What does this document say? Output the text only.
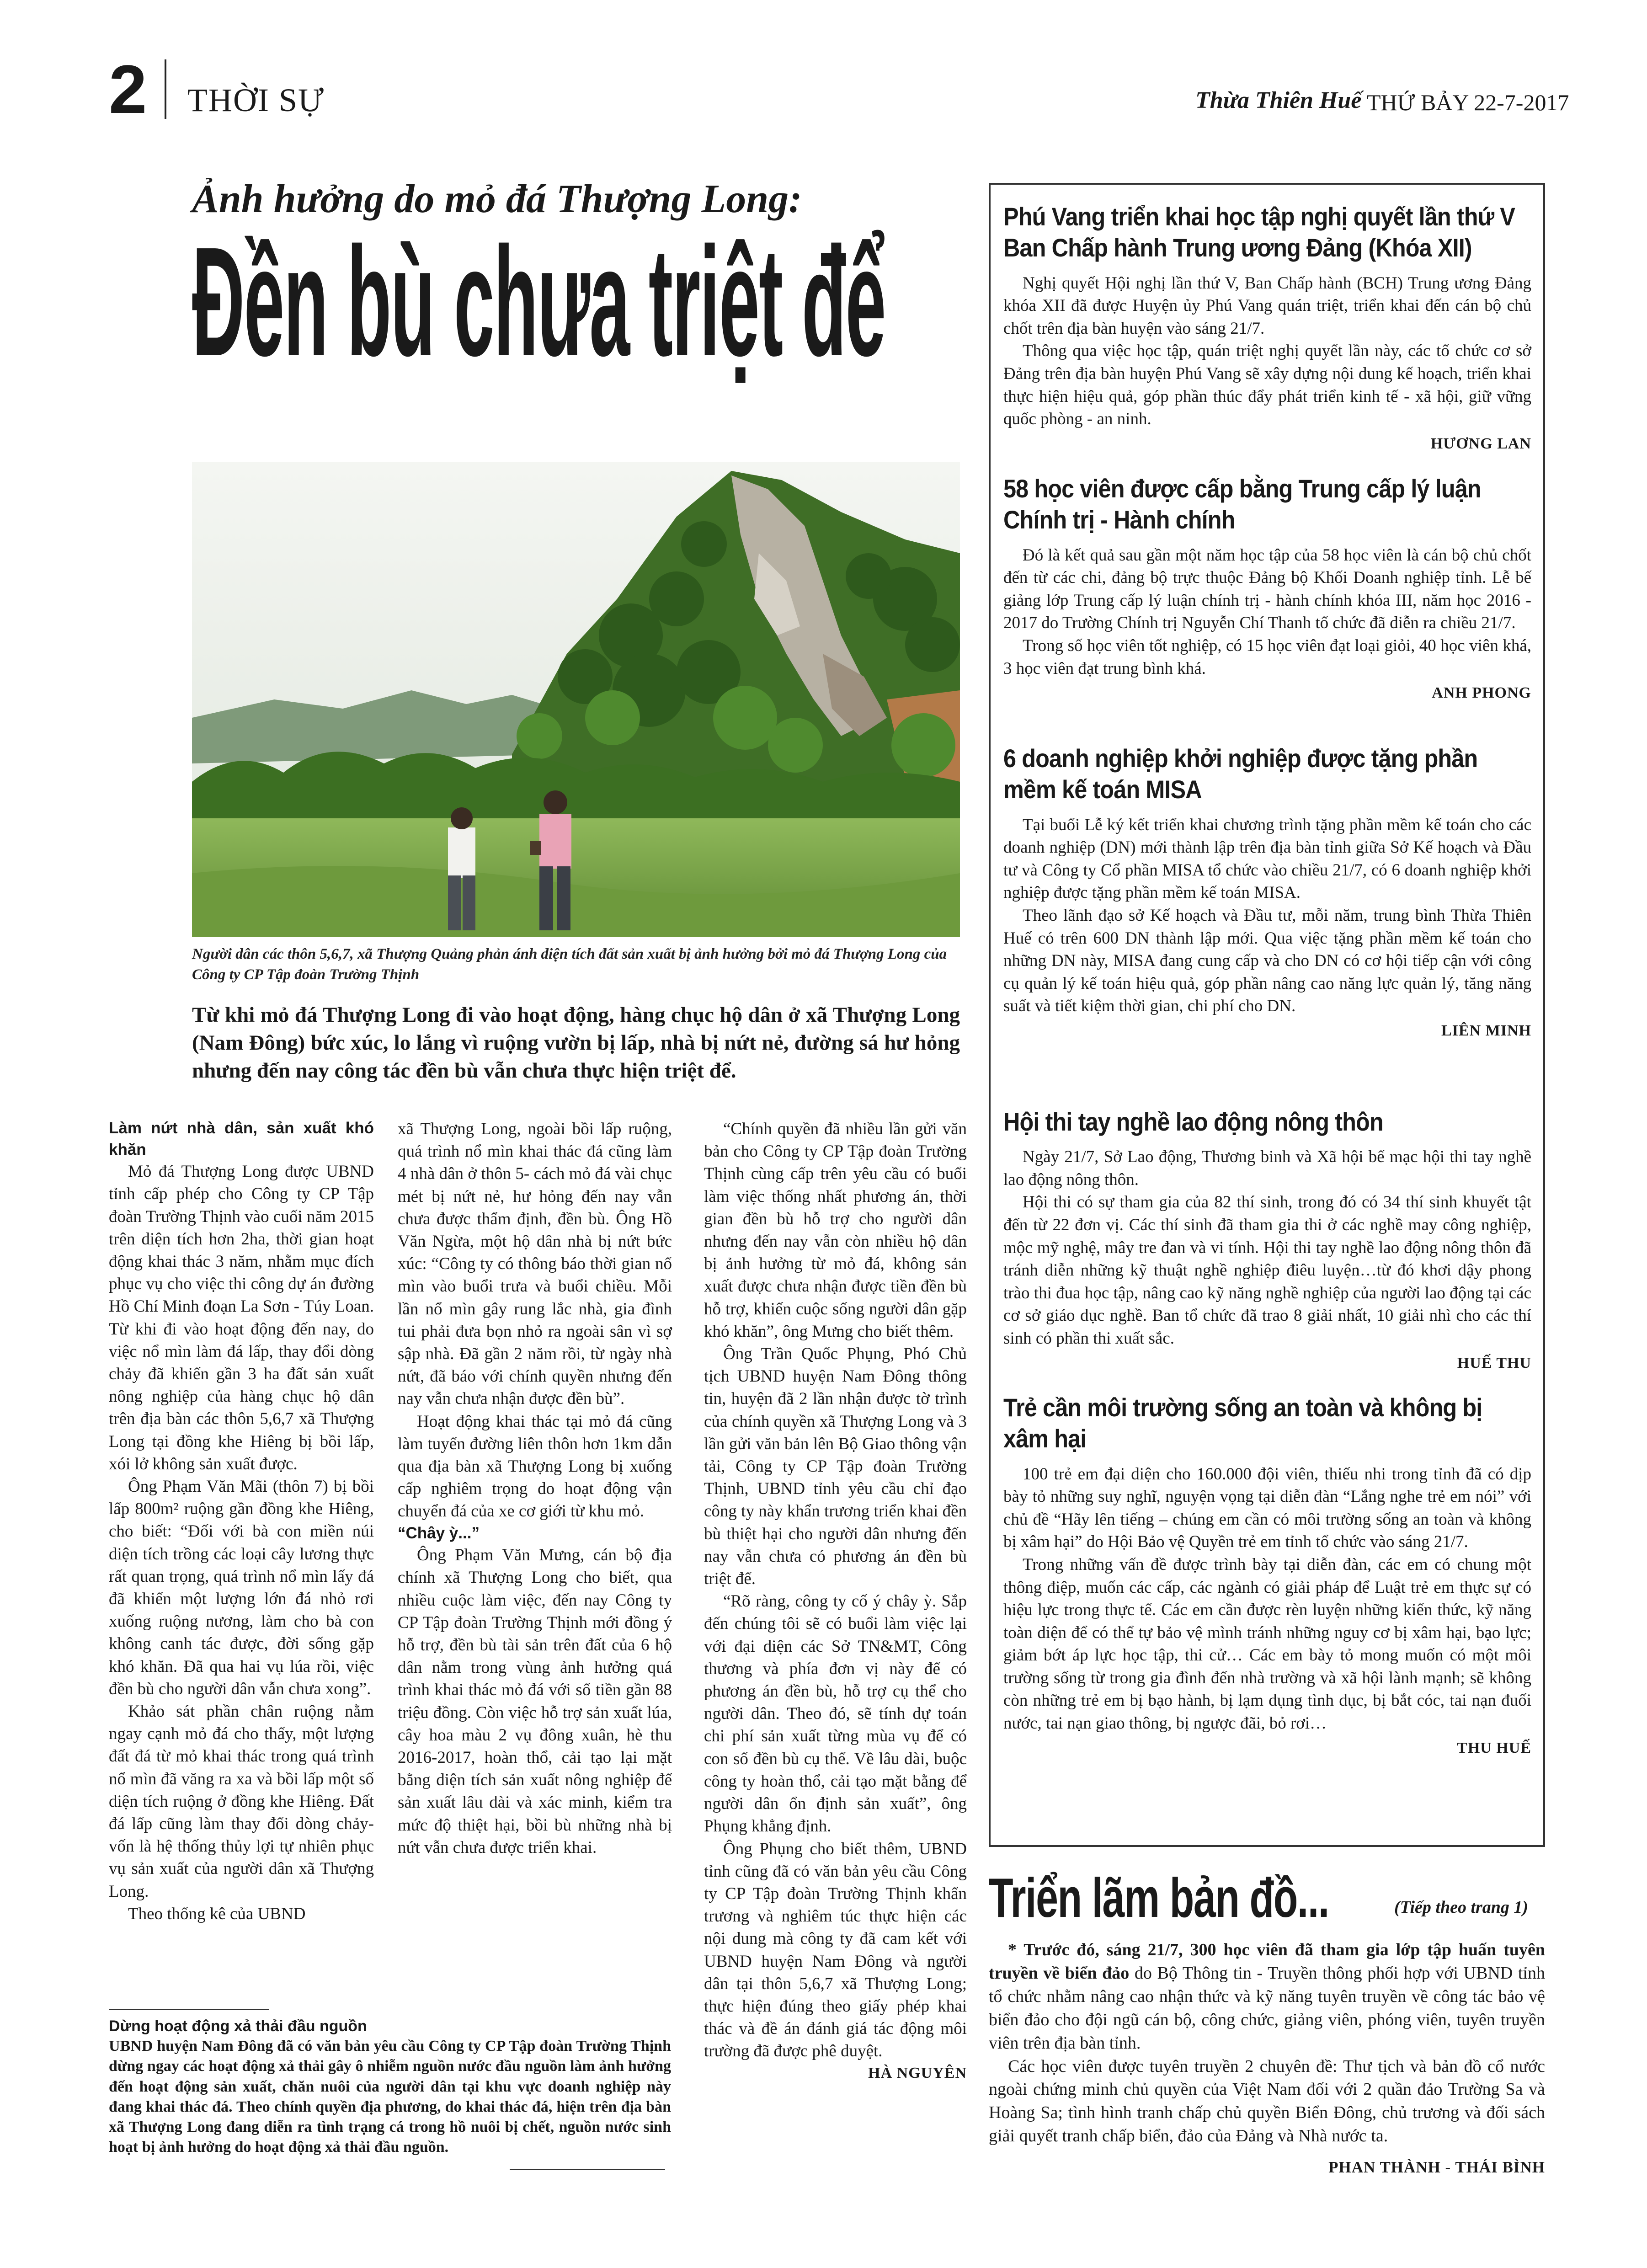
2 THỜI SỰ	Thừa Thiên Huế THỨ BẢY 22-7-2017
Ảnh hưởng do mỏ đá Thượng Long:
Đền bù chưa triệt để
Người dân các thôn 5,6,7, xã Thượng Quảng phản ánh diện tích đất sản xuất bị ảnh hưởng bởi mỏ đá Thượng Long của Công ty CP Tập đoàn Trường Thịnh
Từ khi mỏ đá Thượng Long đi vào hoạt động, hàng chục hộ dân ở xã Thượng Long (Nam Đông) bức xúc, lo lắng vì ruộng vườn bị lấp, nhà bị nứt nẻ, đường sá hư hỏng nhưng đến nay công tác đền bù vẫn chưa thực hiện triệt để.

Làm nứt nhà dân, sản xuất khó khăn

Mỏ đá Thượng Long được UBND tỉnh cấp phép cho Công ty CP Tập đoàn Trường Thịnh vào cuối năm 2015 trên diện tích hơn 2ha, thời gian hoạt động khai thác 3 năm, nhằm mục đích phục vụ cho việc thi công dự án đường Hồ Chí Minh đoạn La Sơn - Túy Loan. Từ khi đi vào hoạt động đến nay, do việc nổ mìn làm đá lấp, thay đổi dòng chảy đã khiến gần 3 ha đất sản xuất nông nghiệp của hàng chục hộ dân trên địa bàn các thôn 5,6,7 xã Thượng Long tại đồng khe Hiêng bị bồi lấp, xói lở không sản xuất được.

Ông Phạm Văn Mãi (thôn 7) bị bồi lấp 800m² ruộng gần đồng khe Hiêng, cho biết: “Đối với bà con miền núi diện tích trồng các loại cây lương thực rất quan trọng, quá trình nổ mìn lấy đá đã khiến một lượng lớn đá nhỏ rơi xuống ruộng nương, làm cho bà con không canh tác được, đời sống gặp khó khăn. Đã qua hai vụ lúa rồi, việc đền bù cho người dân vẫn chưa xong”.

Khảo sát phần chân ruộng nằm ngay cạnh mỏ đá cho thấy, một lượng đất đá từ mỏ khai thác trong quá trình nổ mìn đã văng ra xa và bồi lấp một số diện tích ruộng ở đồng khe Hiêng. Đất đá lấp cũng làm thay đổi dòng chảy- vốn là hệ thống thủy lợi tự nhiên phục vụ sản xuất của người dân xã Thượng Long.

Theo thống kê của UBND

xã Thượng Long, ngoài bồi lấp ruộng, quá trình nổ mìn khai thác đá cũng làm 4 nhà dân ở thôn 5- cách mỏ đá vài chục mét bị nứt nẻ, hư hỏng đến nay vẫn chưa được thẩm định, đền bù. Ông Hồ Văn Ngừa, một hộ dân nhà bị nứt bức xúc: “Công ty có thông báo thời gian nổ mìn vào buổi trưa và buổi chiều. Mỗi lần nổ mìn gây rung lắc nhà, gia đình tui phải đưa bọn nhỏ ra ngoài sân vì sợ sập nhà. Đã gần 2 năm rồi, từ ngày nhà nứt, đã báo với chính quyền nhưng đến nay vẫn chưa nhận được đền bù”.

Hoạt động khai thác tại mỏ đá cũng làm tuyến đường liên thôn hơn 1km dẫn qua địa bàn xã Thượng Long bị xuống cấp nghiêm trọng do hoạt động vận chuyển đá của xe cơ giới từ khu mỏ.

“Chây ỳ...”

Ông Phạm Văn Mưng, cán bộ địa chính xã Thượng Long cho biết, qua nhiều cuộc làm việc, đến nay Công ty CP Tập đoàn Trường Thịnh mới đồng ý hỗ trợ, đền bù tài sản trên đất của 6 hộ dân nằm trong vùng ảnh hưởng quá trình khai thác mỏ đá với số tiền gần 88 triệu đồng. Còn việc hỗ trợ sản xuất lúa, cây hoa màu 2 vụ đông xuân, hè thu 2016-2017, hoàn thổ, cải tạo lại mặt bằng diện tích sản xuất nông nghiệp để sản xuất lâu dài và xác minh, kiểm tra mức độ thiệt hại, bồi bù những nhà bị nứt vẫn chưa được triển khai.

“Chính quyền đã nhiều lần gửi văn bản cho Công ty CP Tập đoàn Trường Thịnh cùng cấp trên yêu cầu có buổi làm việc thống nhất phương án, thời gian đền bù hỗ trợ cho người dân nhưng đến nay vẫn còn nhiều hộ dân bị ảnh hưởng từ mỏ đá, không sản xuất được chưa nhận được tiền đền bù hỗ trợ, khiến cuộc sống người dân gặp khó khăn”, ông Mưng cho biết thêm.

Ông Trần Quốc Phụng, Phó Chủ tịch UBND huyện Nam Đông thông tin, huyện đã 2 lần nhận được tờ trình của chính quyền xã Thượng Long và 3 lần gửi văn bản lên Bộ Giao thông vận tải, Công ty CP Tập đoàn Trường Thịnh, UBND tỉnh yêu cầu chỉ đạo công ty này khẩn trương triển khai đền bù thiệt hại cho người dân nhưng đến nay vẫn chưa có phương án đền bù triệt để.

“Rõ ràng, công ty cố ý chây ỳ. Sắp đến chúng tôi sẽ có buổi làm việc lại với đại diện các Sở TN&MT, Công thương và phía đơn vị này để có phương án đền bù, hỗ trợ cụ thể cho người dân. Theo đó, sẽ tính dự toán chi phí sản xuất từng mùa vụ để có con số đền bù cụ thể. Về lâu dài, buộc công ty hoàn thổ, cải tạo mặt bằng để người dân ổn định sản xuất”, ông Phụng khẳng định.

Ông Phụng cho biết thêm, UBND tỉnh cũng đã có văn bản yêu cầu Công ty CP Tập đoàn Trường Thịnh khẩn trương và nghiêm túc thực hiện các nội dung mà công ty đã cam kết với UBND huyện Nam Đông và người dân tại thôn 5,6,7 xã Thượng Long; thực hiện đúng theo giấy phép khai thác và đề án đánh giá tác động môi trường đã được phê duyệt.

HÀ NGUYÊN

Dừng hoạt động xả thải đầu nguồn
UBND huyện Nam Đông đã có văn bản yêu cầu Công ty CP Tập đoàn Trường Thịnh dừng ngay các hoạt động xả thải gây ô nhiễm nguồn nước đầu nguồn làm ảnh hưởng đến hoạt động sản xuất, chăn nuôi của người dân tại khu vực doanh nghiệp này đang khai thác đá. Theo chính quyền địa phương, do khai thác đá, hiện trên địa bàn xã Thượng Long đang diễn ra tình trạng cá trong hồ nuôi bị chết, nguồn nước sinh hoạt bị ảnh hưởng do hoạt động xả thải đầu nguồn.
Phú Vang triển khai học tập nghị quyết lần thứ V Ban Chấp hành Trung ương Đảng (Khóa XII)

Nghị quyết Hội nghị lần thứ V, Ban Chấp hành (BCH) Trung ương Đảng khóa XII đã được Huyện ủy Phú Vang quán triệt, triển khai đến cán bộ chủ chốt trên địa bàn huyện vào sáng 21/7.

Thông qua việc học tập, quán triệt nghị quyết lần này, các tổ chức cơ sở Đảng trên địa bàn huyện Phú Vang sẽ xây dựng nội dung kế hoạch, triển khai thực hiện hiệu quả, góp phần thúc đẩy phát triển kinh tế - xã hội, giữ vững quốc phòng - an ninh.

HƯƠNG LAN

58 học viên được cấp bằng Trung cấp lý luận Chính trị - Hành chính

Đó là kết quả sau gần một năm học tập của 58 học viên là cán bộ chủ chốt đến từ các chi, đảng bộ trực thuộc Đảng bộ Khối Doanh nghiệp tỉnh. Lễ bế giảng lớp Trung cấp lý luận chính trị - hành chính khóa III, năm học 2016 - 2017 do Trường Chính trị Nguyễn Chí Thanh tổ chức đã diễn ra chiều 21/7.

Trong số học viên tốt nghiệp, có 15 học viên đạt loại giỏi, 40 học viên khá, 3 học viên đạt trung bình khá.

ANH PHONG

6 doanh nghiệp khởi nghiệp được tặng phần mềm kế toán MISA

Tại buổi Lễ ký kết triển khai chương trình tặng phần mềm kế toán cho các doanh nghiệp (DN) mới thành lập trên địa bàn tỉnh giữa Sở Kế hoạch và Đầu tư và Công ty Cổ phần MISA tổ chức vào chiều 21/7, có 6 doanh nghiệp khởi nghiệp được tặng phần mềm kế toán MISA.

Theo lãnh đạo sở Kế hoạch và Đầu tư, mỗi năm, trung bình Thừa Thiên Huế có trên 600 DN thành lập mới. Qua việc tặng phần mềm kế toán cho những DN này, MISA đang cung cấp và cho DN có cơ hội tiếp cận với công cụ quản lý kế toán hiệu quả, góp phần nâng cao năng lực quản lý, tăng năng suất và tiết kiệm thời gian, chi phí cho DN.

LIÊN MINH

Hội thi tay nghề lao động nông thôn

Ngày 21/7, Sở Lao động, Thương binh và Xã hội bế mạc hội thi tay nghề lao động nông thôn.

Hội thi có sự tham gia của 82 thí sinh, trong đó có 34 thí sinh khuyết tật đến từ 22 đơn vị. Các thí sinh đã tham gia thi ở các nghề may công nghiệp, mộc mỹ nghệ, mây tre đan và vi tính. Hội thi tay nghề lao động nông thôn đã tránh diễn những kỹ thuật nghề nghiệp điêu luyện…từ đó khơi dậy phong trào thi đua học tập, nâng cao kỹ năng nghề nghiệp của người lao động tại các cơ sở giáo dục nghề. Ban tổ chức đã trao 8 giải nhất, 10 giải nhì cho các thí sinh có phần thi xuất sắc.

HUẾ THU

Trẻ cần môi trường sống an toàn và không bị xâm hại

100 trẻ em đại diện cho 160.000 đội viên, thiếu nhi trong tỉnh đã có dịp bày tỏ những suy nghĩ, nguyện vọng tại diễn đàn “Lắng nghe trẻ em nói” với chủ đề “Hãy lên tiếng – chúng em cần có môi trường sống an toàn và không bị xâm hại” do Hội Bảo vệ Quyền trẻ em tỉnh tổ chức vào sáng 21/7.

Trong những vấn đề được trình bày tại diễn đàn, các em có chung một thông điệp, muốn các cấp, các ngành có giải pháp để Luật trẻ em thực sự có hiệu lực trong thực tế. Các em cần được rèn luyện những kiến thức, kỹ năng toàn diện để có thể tự bảo vệ mình tránh những nguy cơ bị xâm hại, bạo lực; giảm bớt áp lực học tập, thi cử… Các em bày tỏ mong muốn có một môi trường sống từ trong gia đình đến nhà trường và xã hội lành mạnh; sẽ không còn những trẻ em bị bạo hành, bị lạm dụng tình dục, bị bắt cóc, tai nạn đuối nước, tai nạn giao thông, bị ngược đãi, bỏ rơi…

THU HUẾ

Triển lãm bản đồ...	(Tiếp theo trang 1)

* Trước đó, sáng 21/7, 300 học viên đã tham gia lớp tập huấn tuyên truyền về biển đảo do Bộ Thông tin - Truyền thông phối hợp với UBND tỉnh tổ chức nhằm nâng cao nhận thức và kỹ năng tuyên truyền về công tác bảo vệ biển đảo cho đội ngũ cán bộ, công chức, giảng viên, phóng viên, tuyên truyền viên trên địa bàn tỉnh.

Các học viên được tuyên truyền 2 chuyên đề: Thư tịch và bản đồ cổ nước ngoài chứng minh chủ quyền của Việt Nam đối với 2 quần đảo Trường Sa và Hoàng Sa; tình hình tranh chấp chủ quyền Biển Đông, chủ trương và đối sách giải quyết tranh chấp biển, đảo của Đảng và Nhà nước ta.

PHAN THÀNH - THÁI BÌNH
